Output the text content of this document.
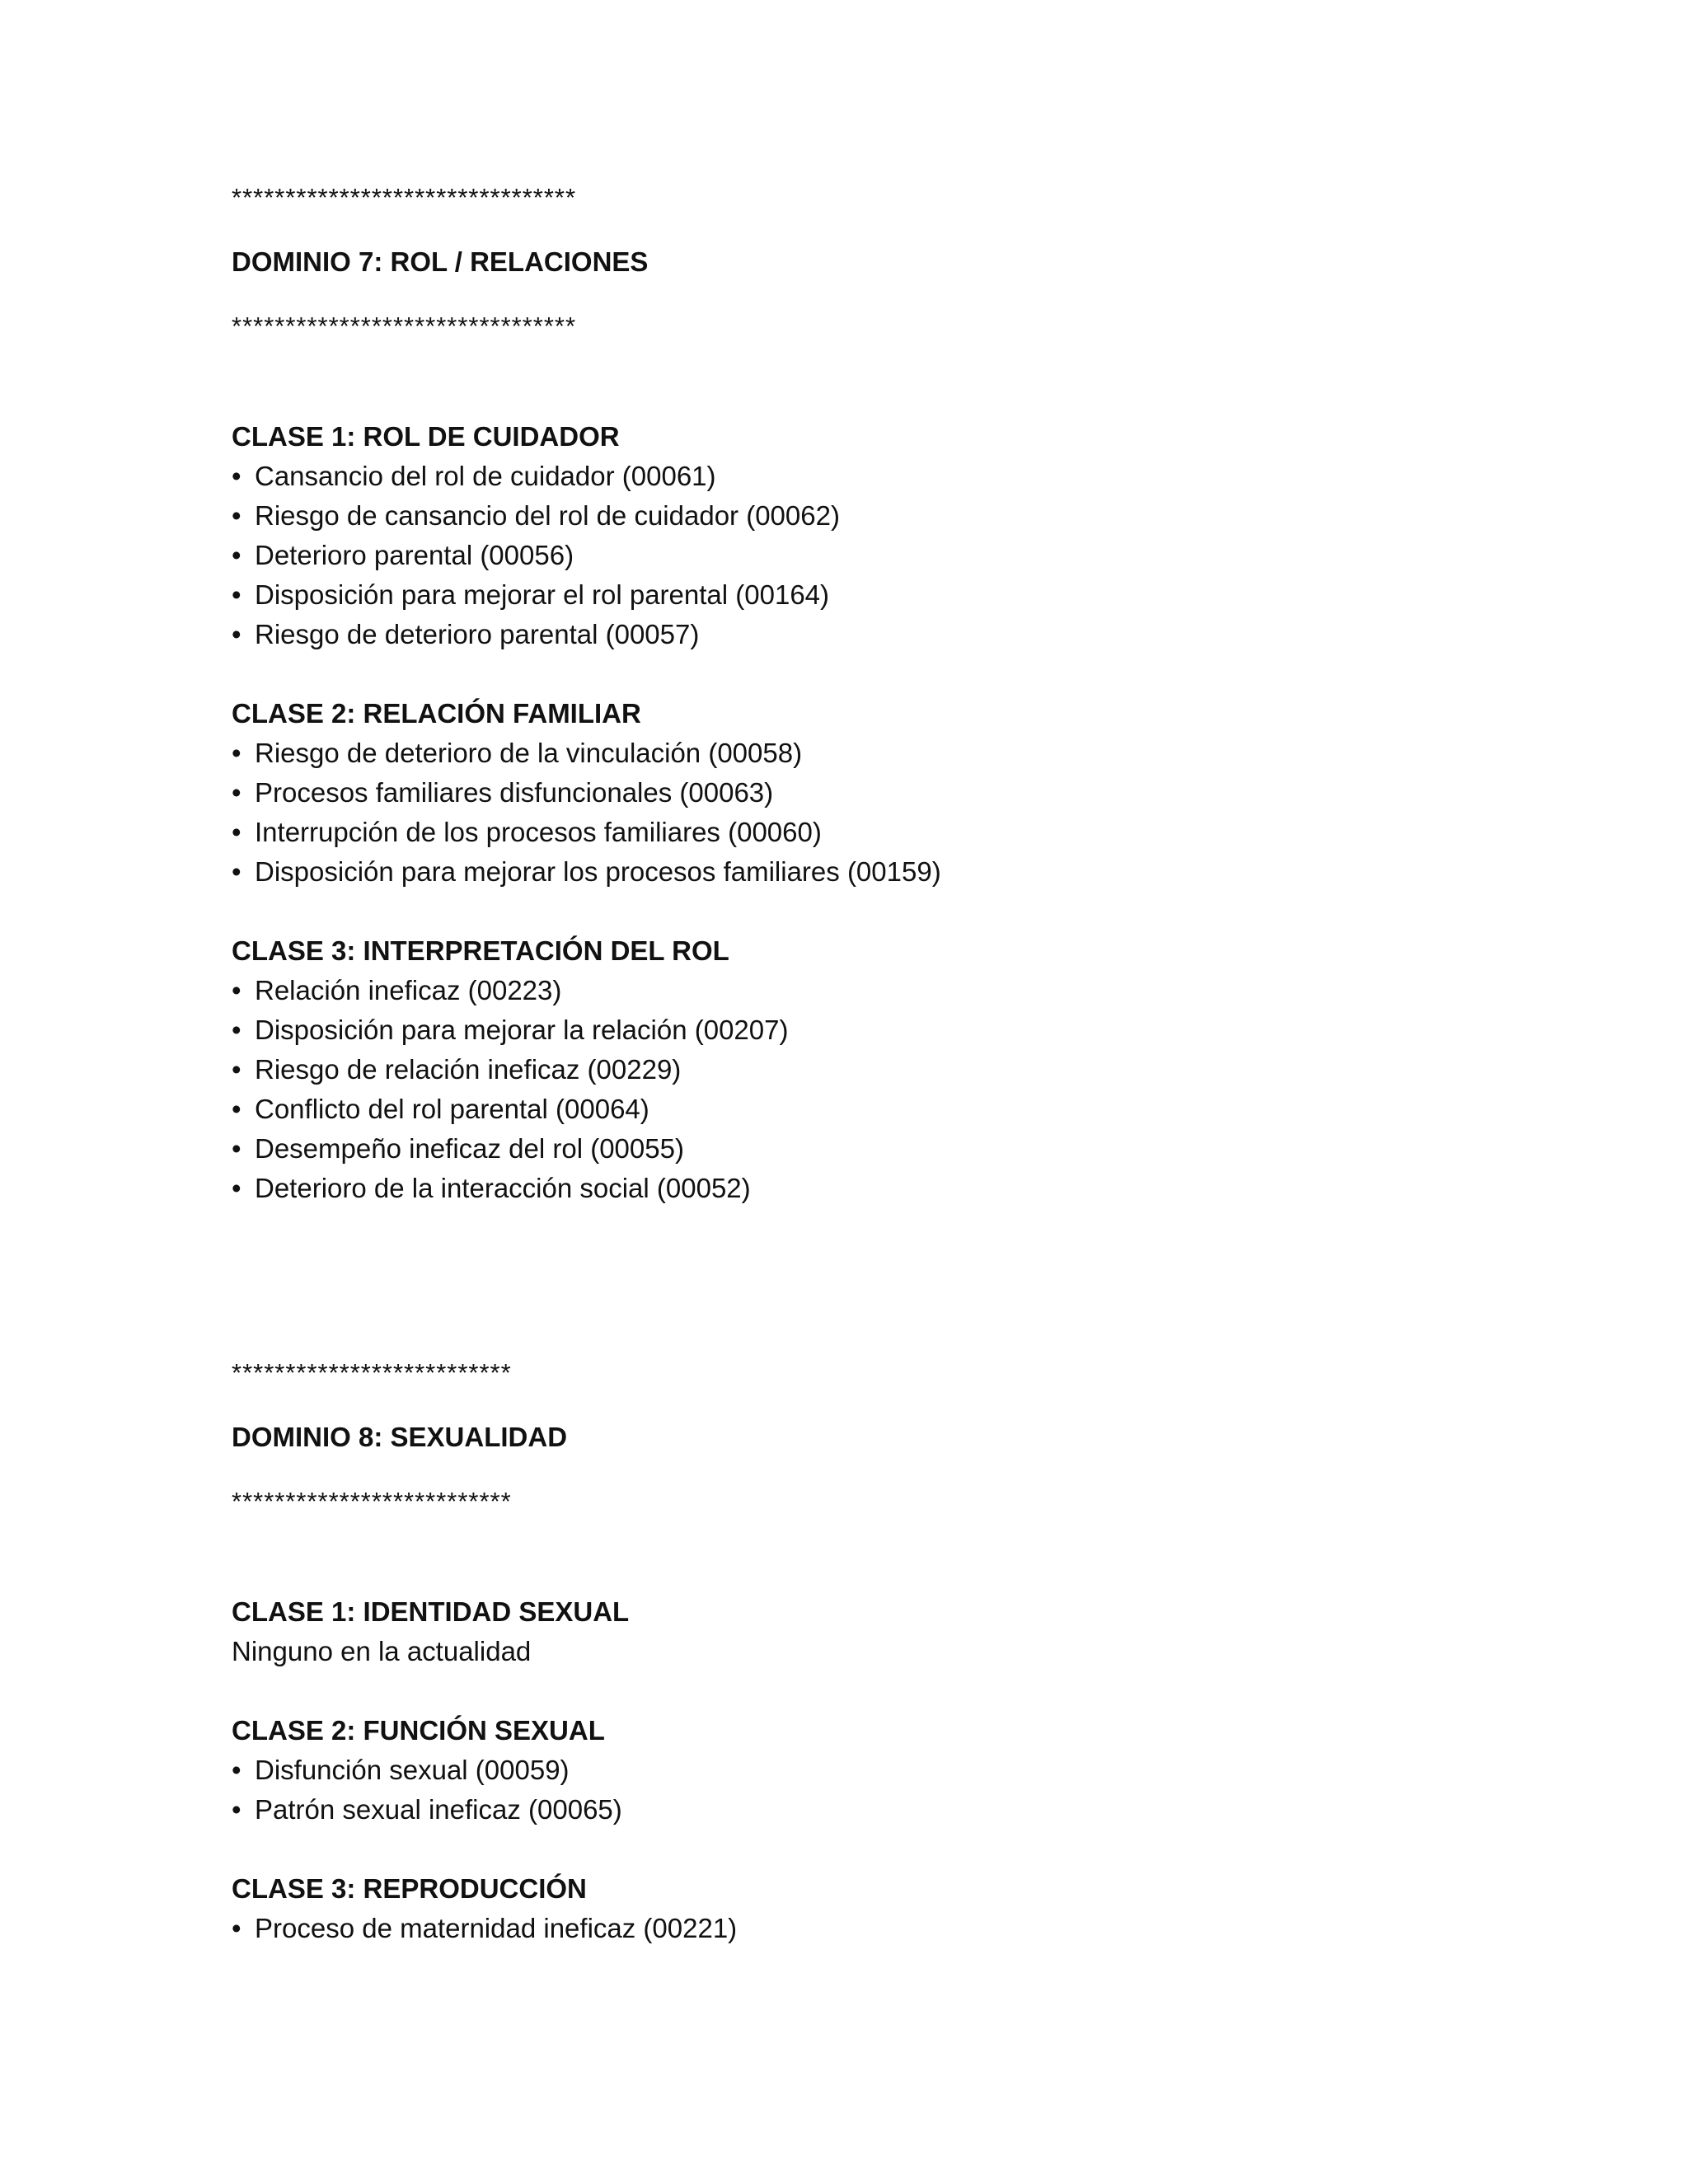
********************************
DOMINIO 7: ROL / RELACIONES
********************************
CLASE 1: ROL DE CUIDADOR
• Cansancio del rol de cuidador (00061)
• Riesgo de cansancio del rol de cuidador (00062)
• Deterioro parental (00056)
• Disposición para mejorar el rol parental (00164)
• Riesgo de deterioro parental (00057)
CLASE 2: RELACIÓN FAMILIAR
• Riesgo de deterioro de la vinculación (00058)
• Procesos familiares disfuncionales (00063)
• Interrupción de los procesos familiares (00060)
• Disposición para mejorar los procesos familiares (00159)
CLASE 3: INTERPRETACIÓN DEL ROL
• Relación ineficaz (00223)
• Disposición para mejorar la relación (00207)
• Riesgo de relación ineficaz (00229)
• Conflicto del rol parental (00064)
• Desempeño ineficaz del rol (00055)
• Deterioro de la interacción social (00052)
**************************
DOMINIO 8: SEXUALIDAD
**************************
CLASE 1: IDENTIDAD SEXUAL
Ninguno en la actualidad
CLASE 2: FUNCIÓN SEXUAL
• Disfunción sexual (00059)
• Patrón sexual ineficaz (00065)
CLASE 3: REPRODUCCIÓN
• Proceso de maternidad ineficaz (00221)
